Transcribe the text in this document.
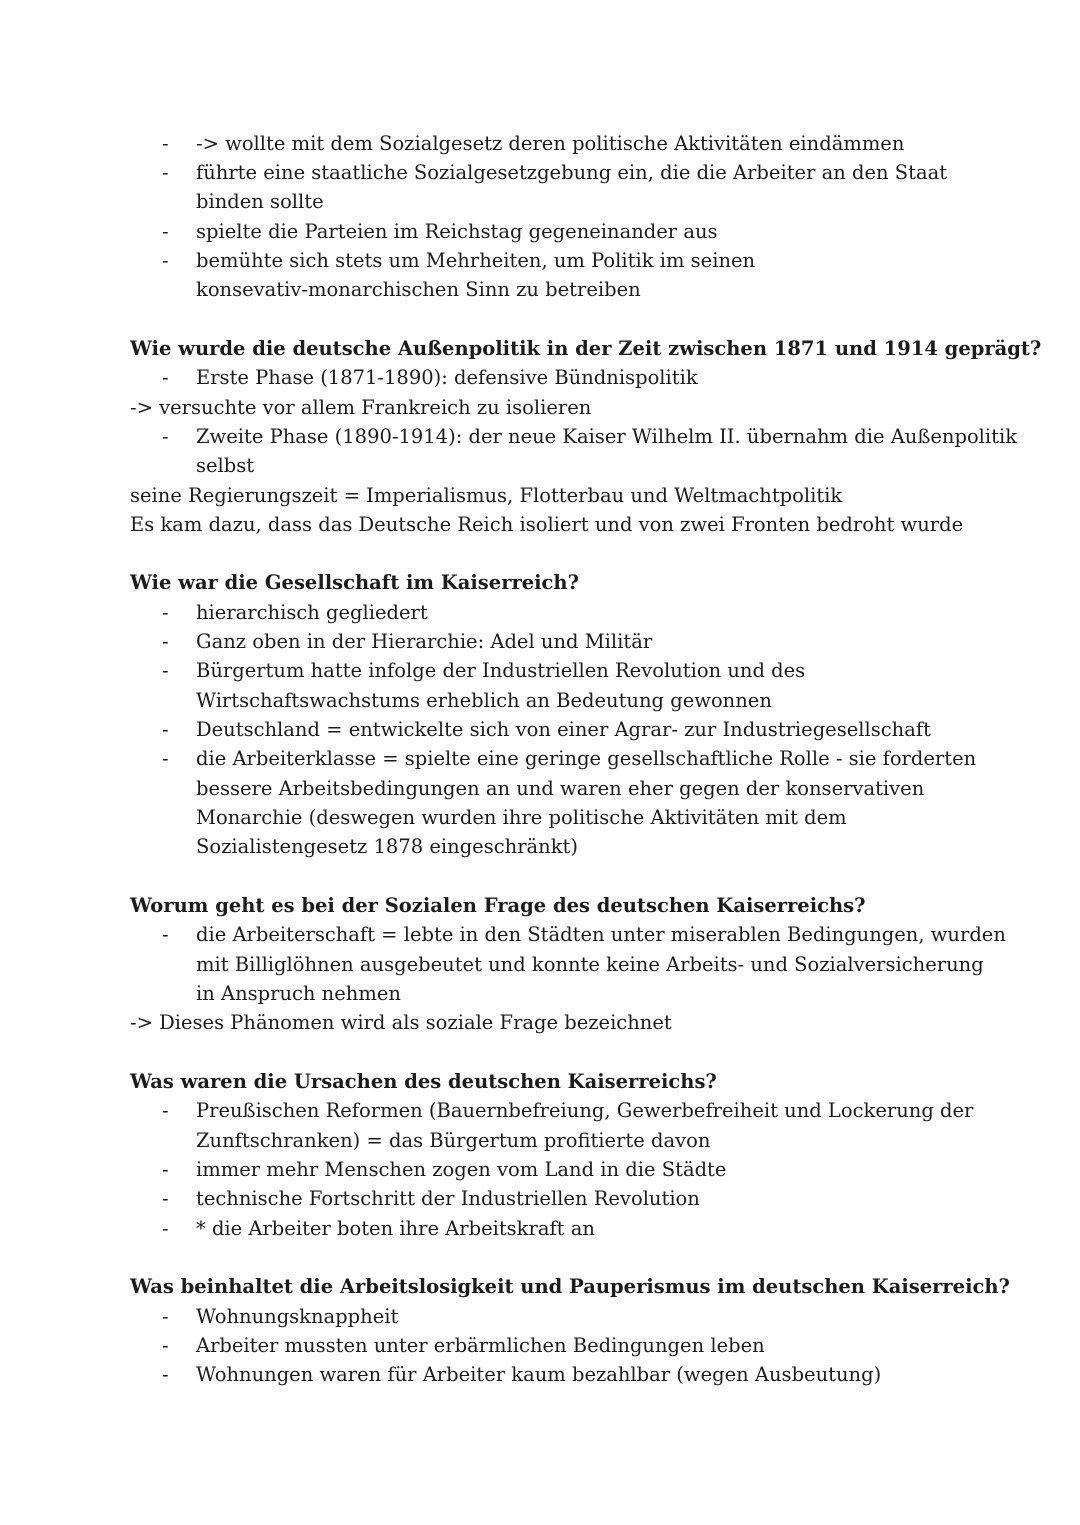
- -> wollte mit dem Sozialgesetz deren politische Aktivitäten eindämmen
- führte eine staatliche Sozialgesetzgebung ein, die die Arbeiter an den Staat
binden sollte
- spielte die Parteien im Reichstag gegeneinander aus
- bemühte sich stets um Mehrheiten, um Politik im seinen
konsevativ-monarchischen Sinn zu betreiben
Wie wurde die deutsche Außenpolitik in der Zeit zwischen 1871 und 1914 geprägt?
- Erste Phase (1871-1890): defensive Bündnispolitik
-> versuchte vor allem Frankreich zu isolieren
- Zweite Phase (1890-1914): der neue Kaiser Wilhelm II. übernahm die Außenpolitik
selbst
seine Regierungszeit = Imperialismus, Flotterbau und Weltmachtpolitik
Es kam dazu, dass das Deutsche Reich isoliert und von zwei Fronten bedroht wurde
Wie war die Gesellschaft im Kaiserreich?
- hierarchisch gegliedert
- Ganz oben in der Hierarchie: Adel und Militär
- Bürgertum hatte infolge der Industriellen Revolution und des
Wirtschaftswachstums erheblich an Bedeutung gewonnen
- Deutschland = entwickelte sich von einer Agrar- zur Industriegesellschaft
- die Arbeiterklasse = spielte eine geringe gesellschaftliche Rolle - sie forderten
bessere Arbeitsbedingungen an und waren eher gegen der konservativen
Monarchie (deswegen wurden ihre politische Aktivitäten mit dem
Sozialistengesetz 1878 eingeschränkt)
Worum geht es bei der Sozialen Frage des deutschen Kaiserreichs?
- die Arbeiterschaft = lebte in den Städten unter miserablen Bedingungen, wurden
mit Billiglöhnen ausgebeutet und konnte keine Arbeits- und Sozialversicherung
in Anspruch nehmen
-> Dieses Phänomen wird als soziale Frage bezeichnet
Was waren die Ursachen des deutschen Kaiserreichs?
- Preußischen Reformen (Bauernbefreiung, Gewerbefreiheit und Lockerung der
Zunftschranken) = das Bürgertum profitierte davon
- immer mehr Menschen zogen vom Land in die Städte
- technische Fortschritt der Industriellen Revolution
- * die Arbeiter boten ihre Arbeitskraft an
Was beinhaltet die Arbeitslosigkeit und Pauperismus im deutschen Kaiserreich?
- Wohnungsknappheit
- Arbeiter mussten unter erbärmlichen Bedingungen leben
- Wohnungen waren für Arbeiter kaum bezahlbar (wegen Ausbeutung)
